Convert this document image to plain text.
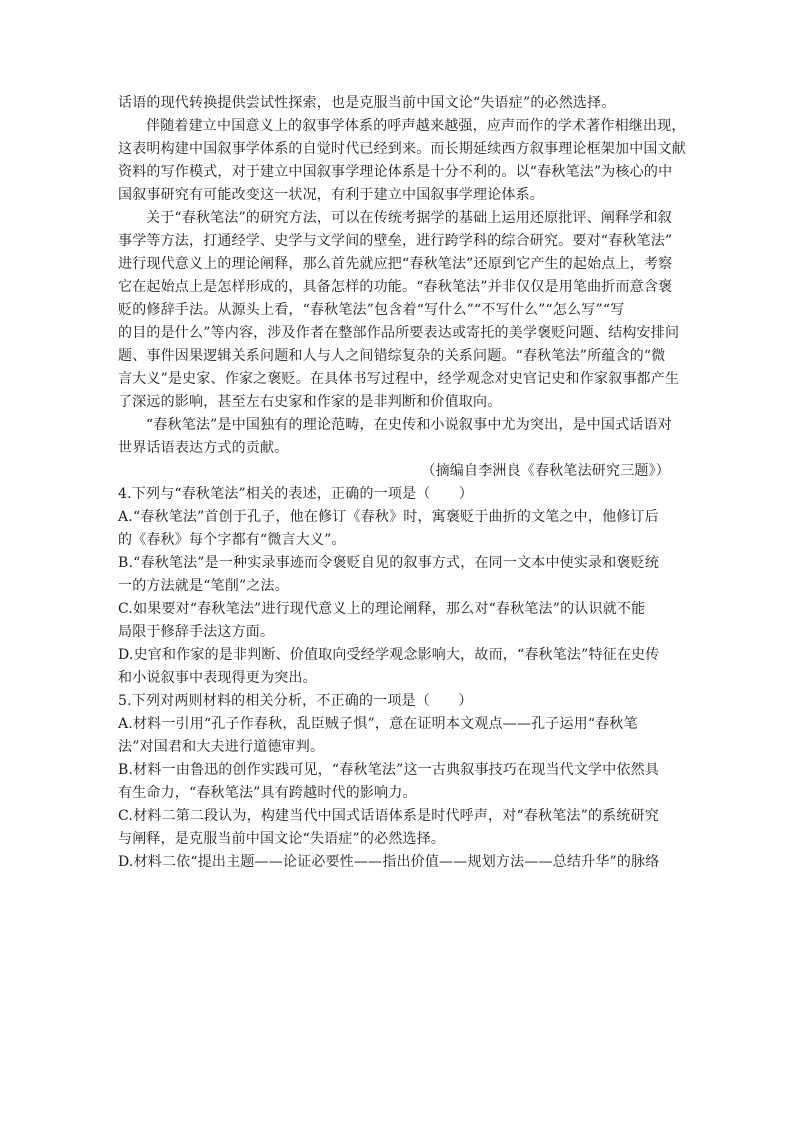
话语的现代转换提供尝试性探索，也是克服当前中国文论“失语症”的必然选择。
伴随着建立中国意义上的叙事学体系的呼声越来越强，应声而作的学术著作相继出现，
这表明构建中国叙事学体系的自觉时代已经到来。而长期延续西方叙事理论框架加中国文献
资料的写作模式，对于建立中国叙事学理论体系是十分不利的。以“春秋笔法”为核心的中
国叙事研究有可能改变这一状况，有利于建立中国叙事学理论体系。
关于“春秋笔法”的研究方法，可以在传统考据学的基础上运用还原批评、阐释学和叙
事学等方法，打通经学、史学与文学间的壁垒，进行跨学科的综合研究。要对“春秋笔法”
进行现代意义上的理论阐释，那么首先就应把“春秋笔法”还原到它产生的起始点上，考察
它在起始点上是怎样形成的，具备怎样的功能。“春秋笔法”并非仅仅是用笔曲折而意含褒
贬的修辞手法。从源头上看，“春秋笔法”包含着“写什么”“不写什么”“怎么写”“写
的目的是什么”等内容，涉及作者在整部作品所要表达或寄托的美学褒贬问题、结构安排问
题、事件因果逻辑关系问题和人与人之间错综复杂的关系问题。“春秋笔法”所蕴含的“微
言大义”是史家、作家之褒贬。在具体书写过程中，经学观念对史官记史和作家叙事都产生
了深远的影响，甚至左右史家和作家的是非判断和价值取向。
“春秋笔法”是中国独有的理论范畴，在史传和小说叙事中尤为突出，是中国式话语对
世界话语表达方式的贡献。
（摘编自李洲良《春秋笔法研究三题》）
4.下列与“春秋笔法”相关的表述，正确的一项是（　　）
A.“春秋笔法”首创于孔子，他在修订《春秋》时，寓褒贬于曲折的文笔之中，他修订后
的《春秋》每个字都有“微言大义”。
B.“春秋笔法”是一种实录事迹而令褒贬自见的叙事方式，在同一文本中使实录和褒贬统
一的方法就是“笔削”之法。
C.如果要对“春秋笔法”进行现代意义上的理论阐释，那么对“春秋笔法”的认识就不能
局限于修辞手法这方面。
D.史官和作家的是非判断、价值取向受经学观念影响大，故而，“春秋笔法”特征在史传
和小说叙事中表现得更为突出。
5.下列对两则材料的相关分析，不正确的一项是（　　）
A.材料一引用“孔子作春秋，乱臣贼子惧”，意在证明本文观点——孔子运用“春秋笔
法”对国君和大夫进行道德审判。
B.材料一由鲁迅的创作实践可见，“春秋笔法”这一古典叙事技巧在现当代文学中依然具
有生命力，“春秋笔法”具有跨越时代的影响力。
C.材料二第二段认为，构建当代中国式话语体系是时代呼声，对“春秋笔法”的系统研究
与阐释，是克服当前中国文论“失语症”的必然选择。
D.材料二依“提出主题——论证必要性——指出价值——规划方法——总结升华”的脉络
